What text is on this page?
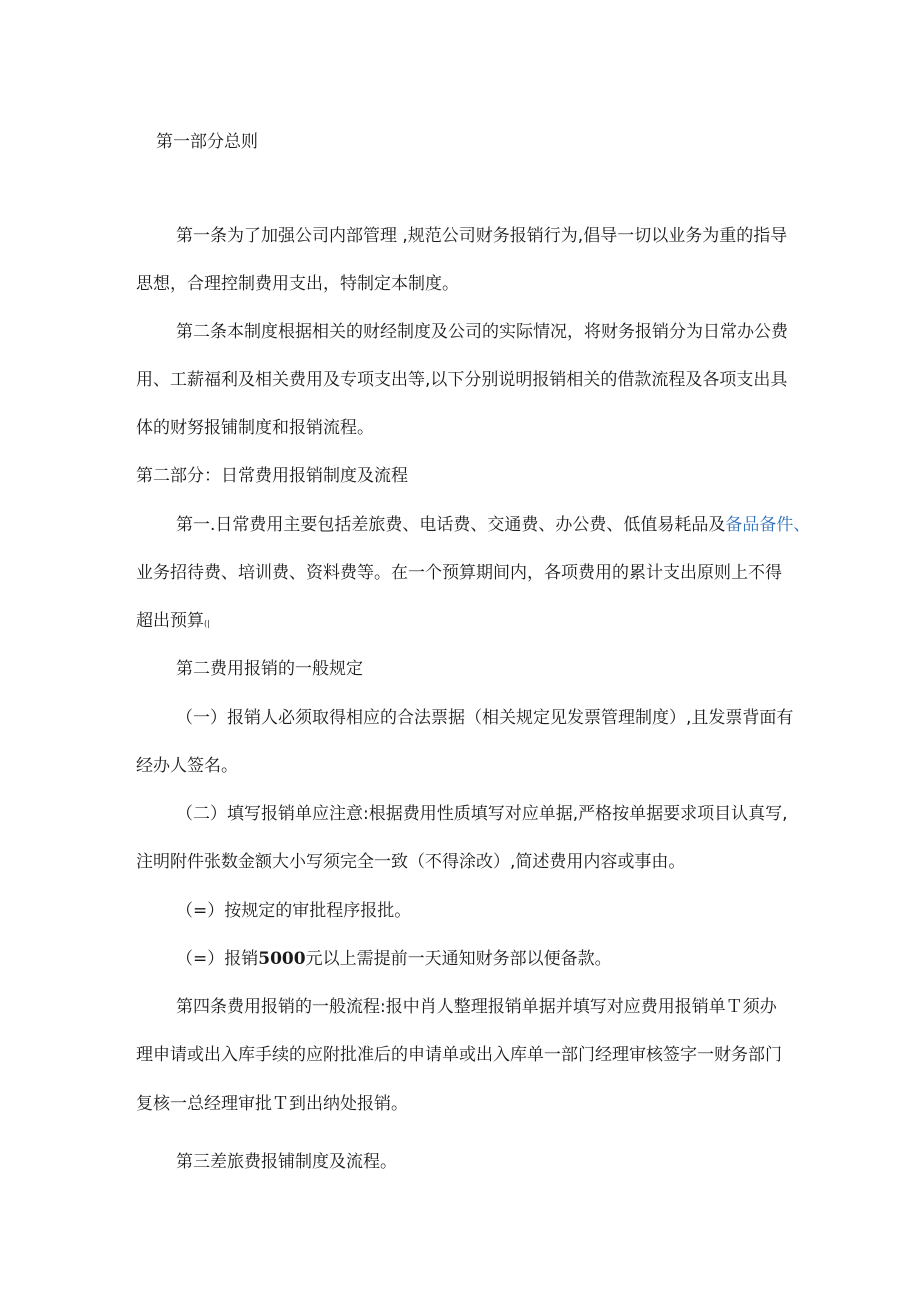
第一部分总则
第一条为了加强公司内部管理 ,规范公司财务报销行为,倡导一切以业务为重的指导
思想，合理控制费用支出，特制定本制度。
第二条本制度根据相关的财经制度及公司的实际情况，将财务报销分为日常办公费
用、工薪福利及相关费用及专项支出等,以下分别说明报销相关的借款流程及各项支出具
体的财努报铺制度和报销流程。
第二部分：日常费用报销制度及流程
第一.日常费用主要包括差旅费、电话费、交通费、办公费、低值易耗品及备品备件、
业务招待费、培训费、资料费等。在一个预算期间内，各项费用的累计支出原则上不得
超出预算(|
第二费用报销的一般规定
（一）报销人必须取得相应的合法票据（相关规定见发票管理制度）,且发票背面有
经办人签名。
（二）填写报销单应注意:根据费用性质填写对应单据,严格按单据要求项目认真写,
注明附件张数金额大小写须完全一致（不得涂改）,简述费用内容或事由。
（=）按规定的审批程序报批。
（=）报销5000元以上需提前一天通知财务部以便备款。
第四条费用报销的一般流程:报中肖人整理报销单据并填写对应费用报销单Ｔ须办
理申请或出入库手续的应附批准后的申请单或出入库单一部门经理审核签字一财务部门
复核一总经理审批Ｔ到出纳处报销。
第三差旅费报铺制度及流程。
